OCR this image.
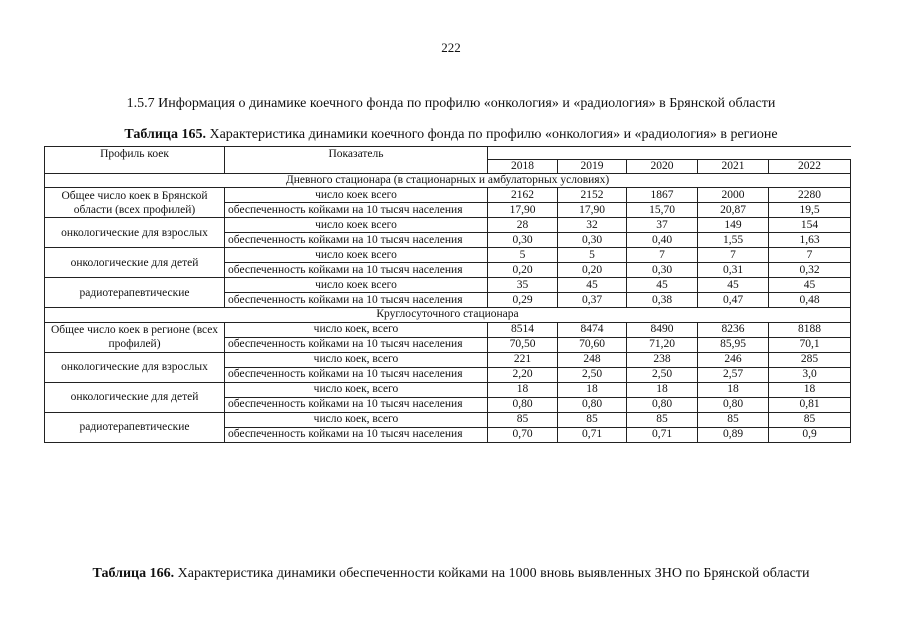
222
1.5.7 Информация о динамике коечного фонда по профилю «онкология» и «радиология» в Брянской области
Таблица 165. Характеристика динамики коечного фонда по профилю «онкология» и «радиология» в регионе
Профиль коек	Показатель					
		2018	2019	2020	2021	2022
Дневного стационара (в стационарных и амбулаторных условиях)						
Общее число коек в Брянской области (всех профилей)	число коек всего	2162	2152	1867	2000	2280
	обеспеченность койками на 10 тысяч населения	17,90	17,90	15,70	20,87	19,5
онкологические для взрослых	число коек всего	28	32	37	149	154
	обеспеченность койками на 10 тысяч населения	0,30	0,30	0,40	1,55	1,63
онкологические для детей	число коек всего	5	5	7	7	7
	обеспеченность койками на 10 тысяч населения	0,20	0,20	0,30	0,31	0,32
радиотерапевтические	число коек всего	35	45	45	45	45
	обеспеченность койками на 10 тысяч населения	0,29	0,37	0,38	0,47	0,48
Круглосуточного стационара						
Общее число коек в регионе (всех профилей)	число коек, всего	8514	8474	8490	8236	8188
	обеспеченность койками на 10 тысяч населения	70,50	70,60	71,20	85,95	70,1
онкологические для взрослых	число коек, всего	221	248	238	246	285
	обеспеченность койками на 10 тысяч населения	2,20	2,50	2,50	2,57	3,0
онкологические для детей	число коек, всего	18	18	18	18	18
	обеспеченность койками на 10 тысяч населения	0,80	0,80	0,80	0,80	0,81
радиотерапевтические	число коек, всего	85	85	85	85	85
	обеспеченность койками на 10 тысяч населения	0,70	0,71	0,71	0,89	0,9
Таблица 166. Характеристика динамики обеспеченности койками на 1000 вновь выявленных ЗНО по Брянской области
